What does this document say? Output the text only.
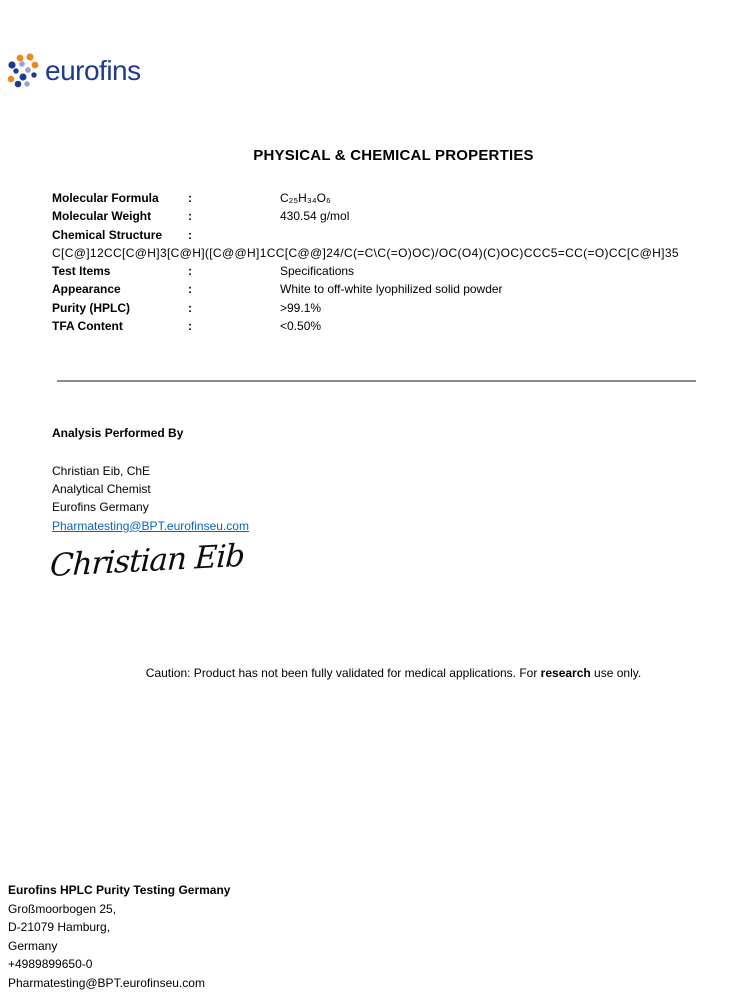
eurofins
PHYSICAL & CHEMICAL PROPERTIES
Molecular Formula	:	C₂₅H₃₄O₆
Molecular Weight	:	430.54 g/mol
Chemical Structure	:
C[C@]12CC[C@H]3[C@H]([C@@H]1CC[C@@]24/C(=C\C(=O)OC)/OC(O4)(C)OC)CCC5=CC(=O)CC[C@H]35
Test Items	:	Specifications
Appearance	:	White to off-white lyophilized solid powder
Purity (HPLC)	:	>99.1%
TFA Content	:	<0.50%
Analysis Performed By
Christian Eib, ChE
Analytical Chemist
Eurofins Germany
Pharmatesting@BPT.eurofinseu.com
Christian Eib
Caution: Product has not been fully validated for medical applications. For research use only.
Eurofins HPLC Purity Testing Germany
Großmoorbogen 25,
D-21079 Hamburg,
Germany
+4989899650-0
Pharmatesting@BPT.eurofinseu.com
